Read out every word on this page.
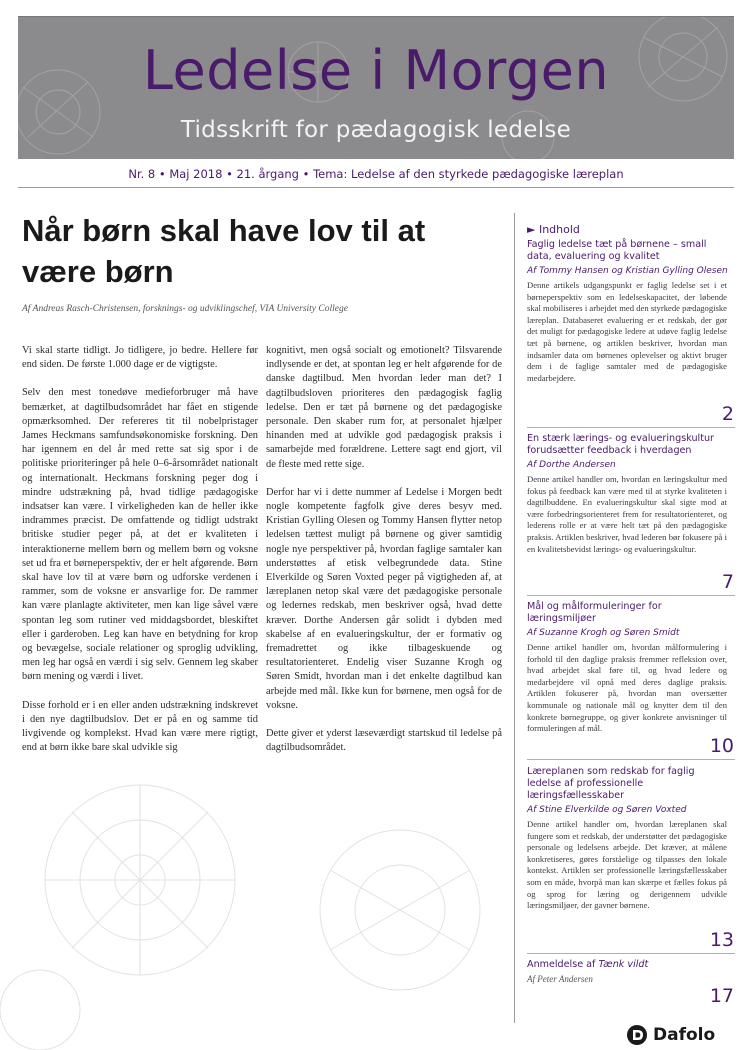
Ledelse i Morgen
Tidsskrift for pædagogisk ledelse
Nr. 8 • Maj 2018 • 21. årgang • Tema: Ledelse af den styrkede pædagogiske læreplan
Når børn skal have lov til at være børn
Af Andreas Rasch-Christensen, forsknings- og udviklingschef, VIA University College

Vi skal starte tidligt. Jo tidligere, jo bedre. Hellere før end siden. De første 1.000 dage er de vigtigste.

Selv den mest tonedøve medieforbruger må have bemærket, at dagtilbudsområdet har fået en stigende opmærksomhed. Der refereres tit til nobelpristager James Heckmans samfundsøkonomiske forskning. Den har igennem en del år med rette sat sig spor i de politiske prioriteringer på hele 0–6-årsområdet nationalt og internationalt. Heckmans forskning peger dog i mindre udstrækning på, hvad tidlige pædagogiske indsatser kan være. I virkeligheden kan de heller ikke indrammes præcist. De omfattende og tidligt udstrakt britiske studier peger på, at det er kvaliteten i interaktionerne mellem børn og mellem børn og voksne set ud fra et børneperspektiv, der er helt afgørende. Børn skal have lov til at være børn og udforske verdenen i rammer, som de voksne er ansvarlige for. De rammer kan være planlagte aktiviteter, men kan lige såvel være spontan leg som rutiner ved middagsbordet, bleskiftet eller i garderoben. Leg kan have en betydning for krop og bevægelse, sociale relationer og sproglig udvikling, men leg har også en værdi i sig selv. Gennem leg skaber børn mening og værdi i livet.

Disse forhold er i en eller anden udstrækning indskrevet i den nye dagtilbudslov. Det er på en og samme tid livgivende og komplekst. Hvad kan være mere rigtigt, end at børn ikke bare skal udvikle sig

kognitivt, men også socialt og emotionelt? Tilsvarende indlysende er det, at spontan leg er helt afgørende for de danske dagtilbud. Men hvordan leder man det? I dagtilbudsloven prioriteres den pædagogisk faglig ledelse. Den er tæt på børnene og det pædagogiske personale. Den skaber rum for, at personalet hjælper hinanden med at udvikle god pædagogisk praksis i samarbejde med forældrene. Lettere sagt end gjort, vil de fleste med rette sige.

Derfor har vi i dette nummer af Ledelse i Morgen bedt nogle kompetente fagfolk give deres besyv med. Kristian Gylling Olesen og Tommy Hansen flytter netop ledelsen tættest muligt på børnene og giver samtidig nogle nye perspektiver på, hvordan faglige samtaler kan understøttes af etisk velbegrundede data. Stine Elverkilde og Søren Voxted peger på vigtigheden af, at læreplanen netop skal være det pædagogiske personale og ledernes redskab, men beskriver også, hvad dette kræver. Dorthe Andersen går solidt i dybden med skabelse af en evalueringskultur, der er formativ og fremadrettet og ikke tilbageskuende og resultatorienteret. Endelig viser Suzanne Krogh og Søren Smidt, hvordan man i det enkelte dagtilbud kan arbejde med mål. Ikke kun for børnene, men også for de voksne.

Dette giver et yderst læseværdigt startskud til ledelse på dagtilbudsområdet.

► Indhold
Faglig ledelse tæt på børnene – small data, evaluering og kvalitet
Af Tommy Hansen og Kristian Gylling Olesen
Denne artikels udgangspunkt er faglig ledelse set i et børneperspektiv som en ledelseskapacitet, der løbende skal mobiliseres i arbejdet med den styrkede pædagogiske læreplan. Databaseret evaluering er et redskab, der gør det muligt for pædagogiske ledere at udøve faglig ledelse tæt på børnene, og artiklen beskriver, hvordan man indsamler data om børnenes oplevelser og aktivt bruger dem i de faglige samtaler med de pædagogiske medarbejdere.
2
En stærk lærings- og evalueringskultur forudsætter feedback i hverdagen
Af Dorthe Andersen
Denne artikel handler om, hvordan en læringskultur med fokus på feedback kan være med til at styrke kvaliteten i dagtilbuddene. En evalueringskultur skal sigte mod at være forbedringsorienteret frem for resultatorienteret, og lederens rolle er at være helt tæt på den pædagogiske praksis. Artiklen beskriver, hvad lederen bør fokusere på i en kvalitetsbevidst lærings- og evalueringskultur.
7
Mål og målformuleringer for læringsmiljøer
Af Suzanne Krogh og Søren Smidt
Denne artikel handler om, hvordan målformulering i forhold til den daglige praksis fremmer refleksion over, hvad arbejdet skal føre til, og hvad ledere og medarbejdere vil opnå med deres daglige praksis. Artiklen fokuserer på, hvordan man oversætter kommunale og nationale mål og knytter dem til den konkrete børnegruppe, og giver konkrete anvisninger til formuleringen af mål.
10
Læreplanen som redskab for faglig ledelse af professionelle læringsfællesskaber
Af Stine Elverkilde og Søren Voxted
Denne artikel handler om, hvordan læreplanen skal fungere som et redskab, der understøtter det pædagogiske personale og ledelsens arbejde. Det kræver, at målene konkretiseres, gøres forståelige og tilpasses den lokale kontekst. Artiklen ser professionelle læringsfællesskaber som en måde, hvorpå man kan skærpe et fælles fokus på og sprog for læring og derigennem udvikle læringsmiljøer, der gavner børnene.
13
Anmeldelse af Tænk vildt
Af Peter Andersen
17
Dafolo
